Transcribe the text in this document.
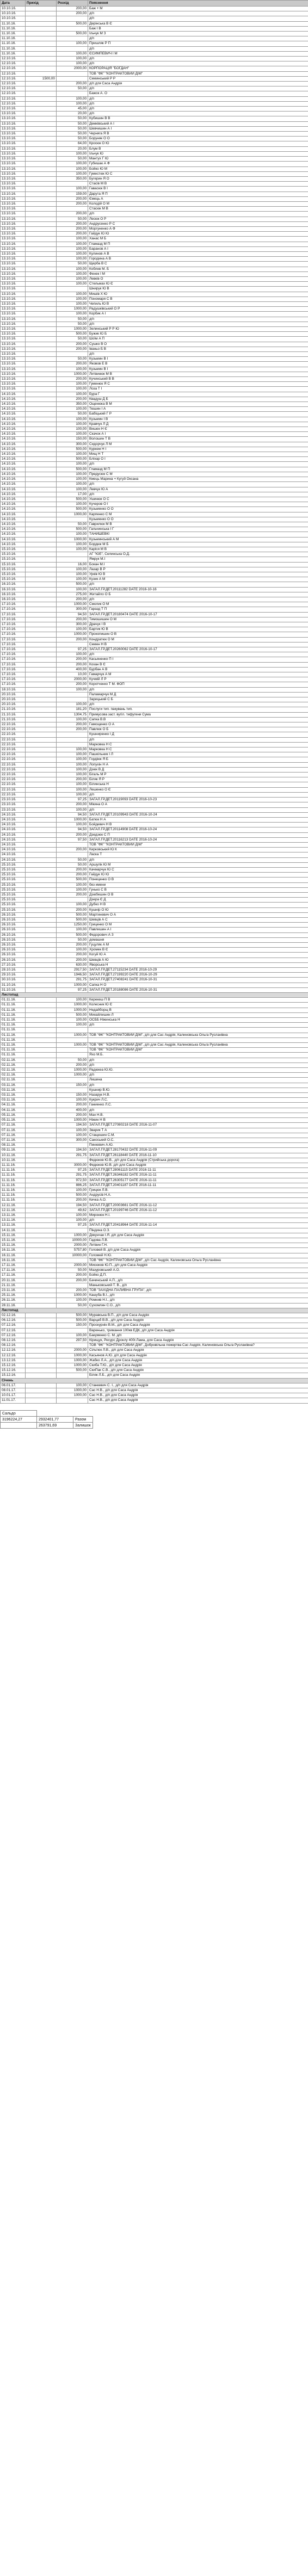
Дата	Прихід	Розхід	Пояснення
10.10.16.		200,00	Баж + М
10.10.16.		200,00	д/п
10.10.16.			д/п
11.10.16.		500,00	Дерінська В Є
11.10.16.			Баж І В
11.10.16.		500,00	Ільчук М З
11.10.16.			д/п
11.10.16.		100,00	Пришляк Р П
11.10.16.			д/п
11.10.16.		100,00	ЄСИМПЕВИЧ І М
12.10.16.		100,00	д/п
12.10.16.		100,00	д/п
12.10.16.		2000,00	КОРПОРАЦІЯ "БОГДАН"
12.10.16.			ТОВ "ФК" "КОНТРАКТОВИЙ ДІМ"
12.10.16.	1500,00		Семинський Р Р
12.10.16.		200,00	д/п для Саса Андрія
12.10.16.		50,00	д/п
12.10.16.			Бажок А. О
12.10.16.		100,00	д/п
12.10.16.		100,00	д/п
12.10.16.		45,00	д/п
13.10.16.		20,00	д/п
13.10.16.		50,00	Кубишин В В
13.10.16.		50,00	Демківський А І
13.10.16.		50,00	Шевчишин А І
13.10.16.		50,00	Черняга Я В
13.10.16.		50,00	Боруняк О О
13.10.16.		64,00	Кросюк О Ю
13.10.16.		20,00	Блум В
13.10.16.		100,00	Ільчук Ю
13.10.16.		50,00	Мантух Г Ю
13.10.16.		100,00	Губишак А Ф
13.10.16.		100,00	Бойко Ю М
13.10.16.		100,00	Гуместюк Ю С
13.10.16.		350,00	Бугерин Я О
13.10.16.			Стасів М В
13.10.16.		100,00	Гавасюк В І
13.10.16.		159,00	Дарута Я П
13.10.16.		200,00	Ємець А
13.10.16.		200,00	Колодій О М
13.10.16.			Стасюк М В
13.10.16.		200,00	д/п
13.10.16.		50,00	Лесюк О Р
13.10.16.		200,00	Андрусенко Р С
13.10.16.		200,00	Моргуненко А Ф
13.10.16.		200,00	Гайдук Ю Ю
13.10.16.		100,00	Ханас М Б
13.10.16.		100,00	Гламазд М П
13.10.16.		100,00	Баранов А І
13.10.16.		100,00	Кулинов А В
13.10.16.		100,00	Городина А В
13.10.16.		50,00	Щерба В С
13.10.16.		100,00	Коблев М. Б
13.10.16.		100,00	Фенек І М
13.10.16.		100,00	Левків О
13.10.16.		100,00	Стельмах Ю Є
13.10.16.			Шнирук Ю В
13.10.16.		100,00	Мишів Х Ю
13.10.16.		100,00	Пономаря С В
13.10.16.		100,00	Чепиль Ю В
13.10.16.		1000,00	Радушківський О Р
13.10.16.		100,00	Корбик А І
13.10.16.		50,00	д/п
13.10.16.		50,00	д/п
13.10.16.		1000,00	Зелинський Р Р Ю
13.10.16.		500,00	Бужик Ю Б
13.10.16.		50,00	Шоїм А П
13.10.16.		200,00	Сушко В О
13.10.16.		200,00	Іваньо Б В
13.10.16.			д/п
13.10.16.		50,00	Кузьмин В І
13.10.16.		200,00	Яковов Е В
13.10.16.		100,00	Кузьмин В І
13.10.16.		1000,00	Литвинюк М В
13.10.16.		200,00	Кучинський В В
13.10.16.		100,00	Гуменюк Я С
13.10.16.		100,00	Лоза Т І
14.10.16.		100,00	Бура Г
14.10.16.		200,00	Квадуш Д Б
14.10.16.		350,00	Ощенюка В М
14.10.16.		100,00	Тюшин І А
14.10.16.		50,00	Бабіцький Г Р
14.10.16.		100,00	Кузьмин І В
14.10.16.		100,00	Кравчук Л Д
14.10.16.		100,00	Вишен Н Є
14.10.16.		100,00	Скачок А І
14.10.16.		150,00	Волошин Т В
14.10.16.		300,00	Сидорчук Л М
14.10.16.		500,00	Куркем Н І
14.10.16.		100,00	Мищ Н Т
14.10.16.		500,00	Бліхар О І
14.10.16.		100,00	д/п
14.10.16.		500,00	Гламазд М П
14.10.16.		100,00	Предусюк С М
14.10.16.		100,00	Кмець Марина + Кугуй Оксана
14.10.16.		100,00	д/п
14.10.16.		100,00	Левчук Ю А
14.10.16.		17,00	д/п
14.10.16.		500,00	Ушинюк О С
14.10.16.		100,00	Кучеров О І
14.10.16.		500,00	Кузьменко О О
14.10.16.		1000,00	Карпенко С М
14.10.16.			Кузьменко О О
14.10.16.		50,00	Гаврилюк М В
14.10.16.		500,00	Гальчинська І Г
14.10.16.		100,00	ТАНИШЕВКІ
14.10.16.		1000,00	Кузьминський А М
14.10.16.		100,00	Бордюк М Б
15.10.16.		100,00	Каріся М В
15.10.16.			АГ "ЮЕ", Селинська О.Д.
15.10.16.			Ямрук М.І
15.10.16.		16,00	Бокан М.І
15.10.16.		100,00	Лазар В Р
15.10.16.		100,00	Урків Ю В
15.10.16.		100,00	Кузик А М
16.10.16.		500,00	д/п
16.10.16.		100,00	ЗАГАЛ.ГР.ДЕТ.20111282 DATE 2016-10-16
16.10.16.		275,00	Житайло О Б
16.10.16.		200,00	д/п
17.10.16.		1000,00	Смолик О М
17.10.16.		300,00	Гаразд Т П
17.10.16.		94,50	ЗАГАЛ.ГР.ДЕТ.20180474 DATE 2016-10-17
17.10.16.		200,00	Тимошишин О М
17.10.16.		300,00	Драчук І В
17.10.16.		100,00	Бартик Ю В
17.10.16.		1000,00	Прокопишин О В
17.10.16.		200,00	Кондратюк О М
17.10.16.			Семен Н В
17.10.16.		97,25	ЗАГАЛ.ГР.ДЕТ.20260062 DATE 2016-10-17
17.10.16.		100,00	д/п
17.10.16.		200,00	Касьяненко П І
17.10.16.		200,00	Кохан В Є
17.10.16.		400,00	Бурбан А В
17.10.16.		10,00	Гамарчук А М
17.10.16.		2000,00	Кучмій Л Р
17.10.16.		200,00	Коротченко Т М. ФОП
18.10.16.		100,00	д/п
20.10.16.			Паламарчук М Д
20.10.16.			Зарицький С Б
20.10.16.		100,00	д/п
21.10.16.		181,20	Послуги тип. пакувань тип.
21.10.16.		1304,75	Примусова заст. вугіл. тифугени Сума
21.10.16.		100,00	Сапка В.В
22.10.16.		200,00	Гамощенко О А
22.10.16.		200,00	Павлюк О Б
22.10.16.			Кушниренко І Д
22.10.16.			д/п
22.10.16.			Марковка Н С
22.10.16.		100,00	Марковка Н С
22.10.16.		100,00	Пашкільник І Л
22.10.16.		100,00	Гордіюк Я Б
22.10.16.		100,00	Лопухін Н А
22.10.16.		100,00	Дзюк В Д
22.10.16.		100,00	Бігаль М Р
22.10.16.		200,00	Біляк Я Р
22.10.16.		100,00	Білинська Н
22.10.16.		100,00	Лешенко О Є
22.10.16.		100,00	д/п
23.10.16.		97,25	ЗАГАЛ.ГР.ДЕТ.20119093 DATE 2016-10-23
23.10.16.		200,00	Мікина О А
23.10.16.		100,00	д/п
24.10.16.		94,50	ЗАГАЛ.ГР.ДЕТ.20109943 DATE 2016-10-24
24.10.16.		1000,00	Батюк Н А
24.10.16.		100,00	Бойдевич Н В
24.10.16.		94,50	ЗАГАЛ.ГР.ДЕТ.20114908 DATE 2016-10-24
24.10.16.		200,00	Дзедзюк С П
24.10.16.		97,50	ЗАГАЛ.ГР.ДЕТ.20116213 DATE 2016-10-24
24.10.16.			ТОВ "ФК" "КОНТРАКТОВИЙ ДІМ"
24.10.16.		200,00	Кирковський Ю К
24.10.16.			Ласка Т
24.10.16.		50,00	д/п
25.10.16.		50,00	Аршулік Ю М
25.10.16.		200,00	Качмарчук Ю С
25.10.16.		200,00	Гайдук Ю Ю
25.10.16.		500,00	Понеценко О В
25.10.16.		100,00	без имени
25.10.16.		100,00	Гунько С В
25.10.16.		200,00	Дзюбешин О В
25.10.16.			Дзера Є Д
25.10.16.		100,00	Дубко Н В
25.10.16.		200,00	Кушнір О Ю
26.10.16.		500,00	Мартиневич О А
26.10.16.		500,00	Шевців А С
26.10.16.		1250,00	Гриценко О М
26.10.16.		100,00	Павлишин А І
26.10.16.		500,00	Федорович А З
26.10.16.		50,00	домашня
26.10.16.		200,00	Гуцуляк А М
26.10.16.		100,00	Хромек В Є
26.10.16.		200,00	Когуй Ю А
26.10.16.		200,00	Шевців А Ю
27.10.16.		630,00	Яворська Н
28.10.16.		2917,50	ЗАГАЛ.ГР.ДЕТ.27115234 DATE 2016-10-29
29.10.16.		1946,50	ЗАГАЛ.ГР.ДЕТ.27199220 DATE 2016-10-29
30.10.16.		291,75	ЗАГАЛ.ГР.ДЕТ.27408241 DATE 2016-10-31
31.10.16.		1000,00	Сапка Н О
31.10.16.		97,25	ЗАГАЛ.ГР.ДЕТ.20188086 DATE 2016-10-31
Листопад			
01.11.16.		100,00	Керекеш П В
01.11.16.		1000,00	Колесник Ю Є
01.11.16.		1000,00	Недайборщ В
01.11.16.		500,00	Михайлишин Л
01.11.16.		100,00	ОСББ Ніжинська Н
01.11.16.		100,00	д/п
01.11.16.			
01.11.16.		1000,00	ТОВ "ФК" "КОНТРАКТОВИЙ ДІМ", д/п для Сас Андрія, Калиновська Ольга Русланівна
01.11.16.			
01.11.16.		1000,00	ТОВ "ФК" "КОНТРАКТОВИЙ ДІМ", д/п для Сас Андрія, Калиновська Ольга Русланівна
01.11.16.			ТОВ "ФК" "КОНТРАКТОВИЙ ДІМ"
01.11.16.			Яхо М.Б.
02.11.16.		50,00	д/п
02.11.16.		200,00	д/п
02.11.16.		1000,00	Радюкеа Ю.Ю.
02.11.16.		1000,00	д/п
02.11.16.			Лишина
03.11.16.		150,00	д/п
03.11.16.			Кушнир В.Ю.
03.11.16.		150,00	Назарук Н.В.
03.11.16.		100,00	Кукрич Л.С.
04.11.16.		200,00	Ганиенко Л.С.
04.11.16.		400,00	д/п
05.11.16.		200,00	Мах Н.В.
05.11.16.		1000,00	Ніжин Н В
07.11.16.		194,50	ЗАГАЛ.ГР.ДЕТ.27080218 DATE 2016-11-07
07.11.16.		100,00	Зварик Т А
07.11.16.		100,00	Стащешин С.М.
07.11.16.		300,00	Сакоський О.С.
08.11.16.			Пинкевич А.Ю.
09.11.16.		194,50	ЗАГАЛ.ГР.ДЕТ.28170432 DATE 2016-11-09
10.11.16.		291,75	ЗАГАЛ.ГР.ДЕТ.26118440 DATE 2016-11-10
10.11.16.			Федюков Ю.В., д/п для Саса Андрія (Стрийська дорога)
11.11.16.		3000,00	Федюков Ю.В. д/п для Саса Андрія
11.11.16.		97,25	ЗАГАЛ.ГР.ДЕТ.28061115 DATE 2016-11-11
11.11.16.		291,75	ЗАГАЛ.ГР.ДЕТ.26346182 DATE 2016-11-11
11.11.16.		972,50	ЗАГАЛ.ГР.ДЕТ.26305177 DATE 2016-11-11
11.11.16.		886,25	ЗАГАЛ.ГР.ДЕТ.20401187 DATE 2016-11-11
11.11.16.		100,00	Грицюк Л.В.
11.11.16.		500,00	Андрусів Н.А.
11.11.16.		200,00	Кичка А.О.
12.11.16.		194,50	ЗАГАЛ.ГР.ДЕТ.20003661 DATE 2016-11-12
12.11.16.		49,62	ЗАГАЛ.ГР.ДЕТ.20199746 DATE 2016-11-12
13.11.16.		100,00	Миронюк Н.І.
13.11.16.		100,00	д/п
13.11.16.		97,25	ЗАГАЛ.ГР.ДЕТ.20418964 DATE 2016-11-14
14.11.16.			Піндина О.З.
15.11.16.		1000,00	Дякунчак І.Я. д/п для Саса Андрія
15.11.16.		10000,00	Гадова Л.В.
15.11.16.		2000,00	Литвин Г.Н.
16.11.16.		5757,80	Головей В. д/п для Саса Андрія
16.11.16.		10000,00	Голомей Н.Ю.
16.11.16.			ТОВ "ФК" "КОНТРАКТОВИЙ ДІМ", д/п Сас Андрія, Калиновська Ольга Русланівна
17.11.16.		2000,00	Мисюков Ю.П., д/п для Саса Андрія
17.11.16.		50,00	Мазуровський А.О.
17.11.16.		200,00	Бойко Д.П.
20.11.16.		200,00	Бачинський А.П., д/п
21.11.16.			Маньковський Т. В., д/п
23.11.16.		200,00	ТОВ "ЗАХІДНА ПАЛИВНА ГРУПА", д/п
25.11.16.		1000,00	Кашуба В.І., д/п
26.11.16.		100,00	Ромнив Н.І., д/п
28.11.16.		50,00	Сухомлин С.О., д/п
Листопад			
02.12.16.		500,00	Муравська В.П., д/п для Саса Андрія
06.12.16.		500,00	Варцаб В.В., д/п для Саса Андрія
07.12.16.		150,00	Проскурнін В.М., д/п для Саса Андрія
07.12.16.			Варенько, тримання 100кв ЕДК, д/п для Саса Андрія
07.12.16.		100,00	Бакуменко С. М. д/п
08.12.16.		297,50	Кірищук, Ресурс Дроклу 400г.Лама, для Саса Андрія
08.12.16.			ТОВ "ФК" "КОНТРАКТОВИЙ ДІМ", Добровільна пожертва Сас Андрія, Калиновська Ольга Русланівна?
12.12.16.		2000,00	Сільтюк Л.В., д/п для Саса Андрія
12.12.16.		1000,00	Касьянов А.Ю. д/п для Саса Андрія
13.12.16.		1000,00	Жабко Л.А., д/п для Саса Андрія
15.12.16.		1000,00	Скиба Т.Ю., д/п для Саса Андрія
15.12.16.		500,00	СкиПак С.В., д/п для Саса Андрія
15.12.16.			Біляк Л.Б., д/п для Саса Андрія
Січень			
06.01.17.		100,00	Станкевич С. І., д/п для Саса Андрія
08.01.17.		1000,00	Сас Н.В., д/п для Саса Андрія
10.01.17.		1000,00	Сас Н.В., д/п для Саса Андрія
11.01.17.			Сас Н.В., д/п для Саса Андрія
Сальдо		
3196224,27	2932401,77	Разом
	263791,69	Залишок
